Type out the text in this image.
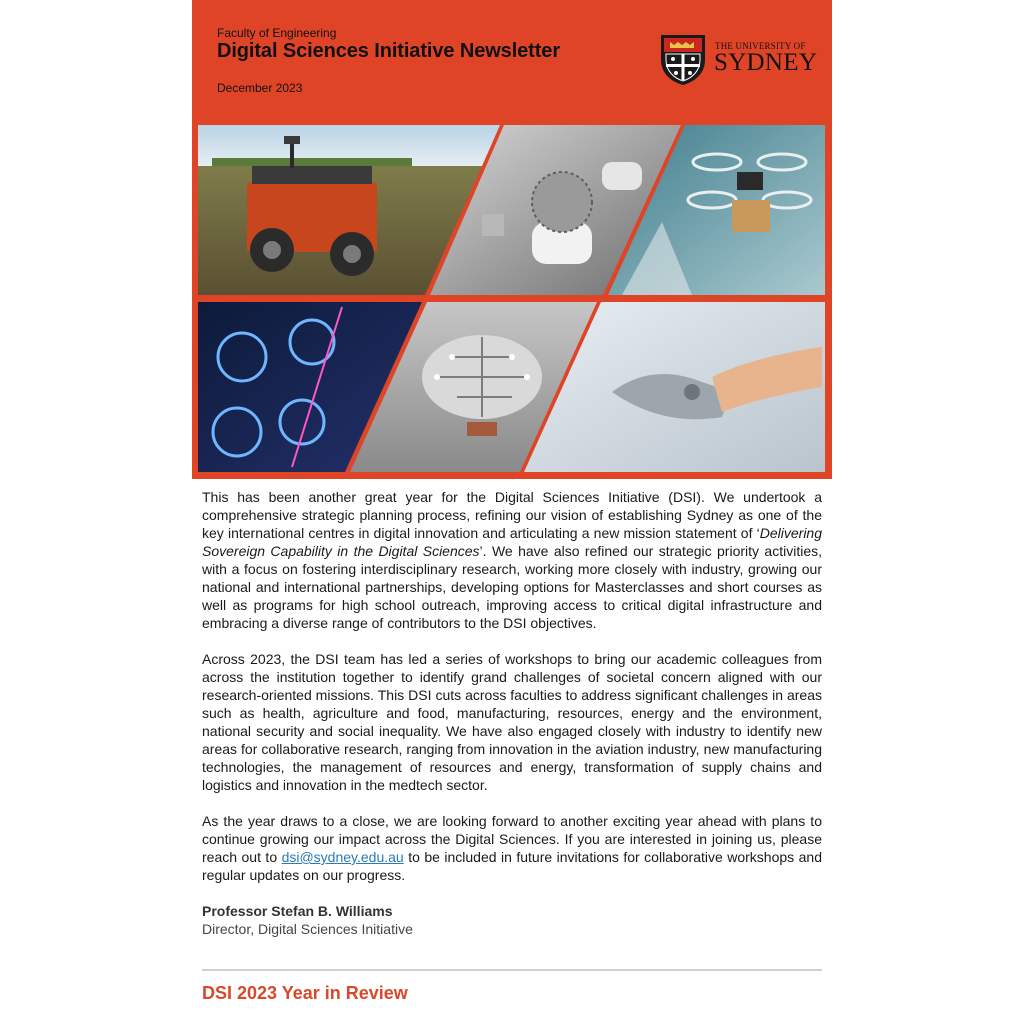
Faculty of Engineering
Digital Sciences Initiative Newsletter
December 2023
THE UNIVERSITY OF
SYDNEY

This has been another great year for the Digital Sciences Initiative (DSI). We undertook a comprehensive strategic planning process, refining our vision of establishing Sydney as one of the key international centres in digital innovation and articulating a new mission statement of ‘Delivering Sovereign Capability in the Digital Sciences’. We have also refined our strategic priority activities, with a focus on fostering interdisciplinary research, working more closely with industry, growing our national and international partnerships, developing options for Masterclasses and short courses as well as programs for high school outreach, improving access to critical digital infrastructure and embracing a diverse range of contributors to the DSI objectives.

Across 2023, the DSI team has led a series of workshops to bring our academic colleagues from across the institution together to identify grand challenges of societal concern aligned with our research-oriented missions. This DSI cuts across faculties to address significant challenges in areas such as health, agriculture and food, manufacturing, resources, energy and the environment, national security and social inequality. We have also engaged closely with industry to identify new areas for collaborative research, ranging from innovation in the aviation industry, new manufacturing technologies, the management of resources and energy, transformation of supply chains and logistics and innovation in the medtech sector.

As the year draws to a close, we are looking forward to another exciting year ahead with plans to continue growing our impact across the Digital Sciences. If you are interested in joining us, please reach out to dsi@sydney.edu.au to be included in future invitations for collaborative workshops and regular updates on our progress.

Professor Stefan B. Williams
Director, Digital Sciences Initiative
DSI 2023 Year in Review
